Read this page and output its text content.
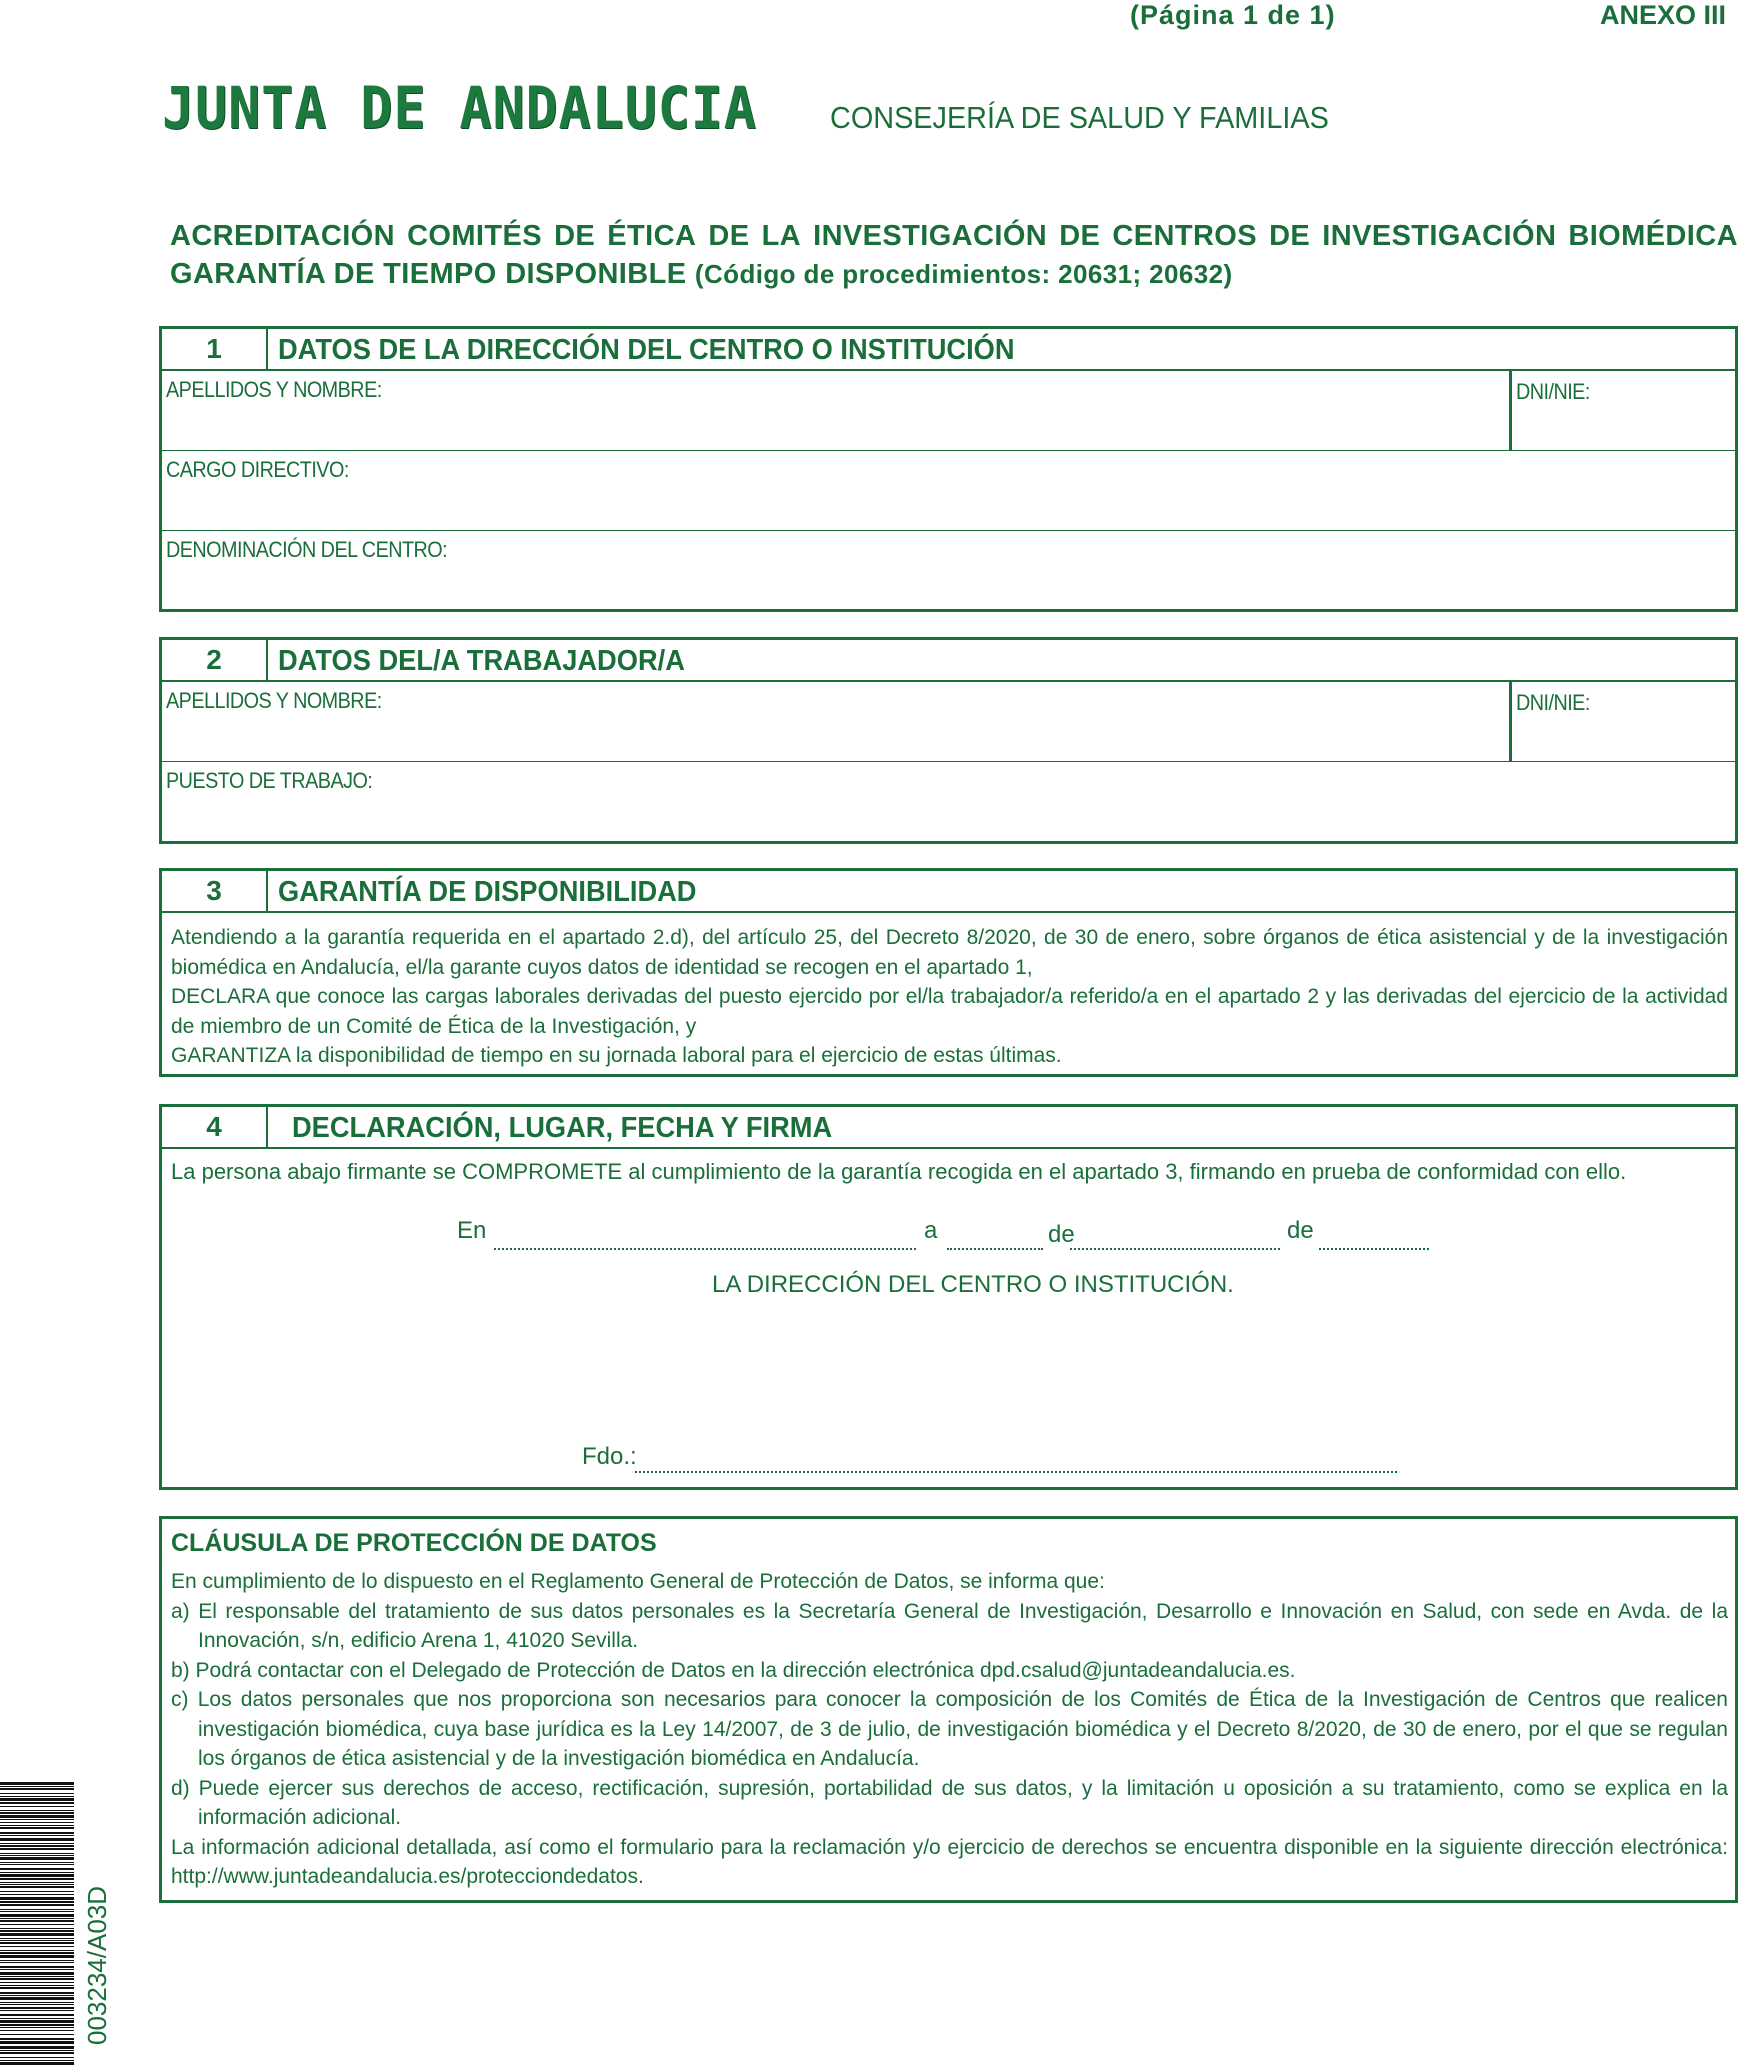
(Página 1 de 1)	ANEXO III
JUNTA DE ANDALUCIA CONSEJERÍA DE SALUD Y FAMILIAS
ACREDITACIÓN COMITÉS DE ÉTICA DE LA INVESTIGACIÓN DE CENTROS DE INVESTIGACIÓN BIOMÉDICA
GARANTÍA DE TIEMPO DISPONIBLE (Código de procedimientos: 20631; 20632)
1	DATOS DE LA DIRECCIÓN DEL CENTRO O INSTITUCIÓN
APELLIDOS Y NOMBRE:	DNI/NIE:
CARGO DIRECTIVO:
DENOMINACIÓN DEL CENTRO:
2	DATOS DEL/A TRABAJADOR/A
APELLIDOS Y NOMBRE:	DNI/NIE:
PUESTO DE TRABAJO:
3	GARANTÍA DE DISPONIBILIDAD

Atendiendo a la garantía requerida en el apartado 2.d), del artículo 25, del Decreto 8/2020, de 30 de enero, sobre órganos de ética asistencial y de la investigación biomédica en Andalucía, el/la garante cuyos datos de identidad se recogen en el apartado 1,

DECLARA que conoce las cargas laborales derivadas del puesto ejercido por el/la trabajador/a referido/a en el apartado 2 y las derivadas del ejercicio de la actividad de miembro de un Comité de Ética de la Investigación, y

GARANTIZA la disponibilidad de tiempo en su jornada laboral para el ejercicio de estas últimas.

4	DECLARACIÓN, LUGAR, FECHA Y FIRMA
La persona abajo firmante se COMPROMETE al cumplimiento de la garantía recogida en el apartado 3, firmando en prueba de conformidad con ello.
En	a	de	de
LA DIRECCIÓN DEL CENTRO O INSTITUCIÓN.
Fdo.:
CLÁUSULA DE PROTECCIÓN DE DATOS

En cumplimiento de lo dispuesto en el Reglamento General de Protección de Datos, se informa que:

a) El responsable del tratamiento de sus datos personales es la Secretaría General de Investigación, Desarrollo e Innovación en Salud, con sede en Avda. de la Innovación, s/n, edificio Arena 1, 41020 Sevilla.

b) Podrá contactar con el Delegado de Protección de Datos en la dirección electrónica dpd.csalud@juntadeandalucia.es.

c) Los datos personales que nos proporciona son necesarios para conocer la composición de los Comités de Ética de la Investigación de Centros que realicen investigación biomédica, cuya base jurídica es la Ley 14/2007, de 3 de julio, de investigación biomédica y el Decreto 8/2020, de 30 de enero, por el que se regulan los órganos de ética asistencial y de la investigación biomédica en Andalucía.

d) Puede ejercer sus derechos de acceso, rectificación, supresión, portabilidad de sus datos, y la limitación u oposición a su tratamiento, como se explica en la información adicional.

La información adicional detallada, así como el formulario para la reclamación y/o ejercicio de derechos se encuentra disponible en la siguiente dirección electrónica: http://www.juntadeandalucia.es/protecciondedatos.

003234/A03D
